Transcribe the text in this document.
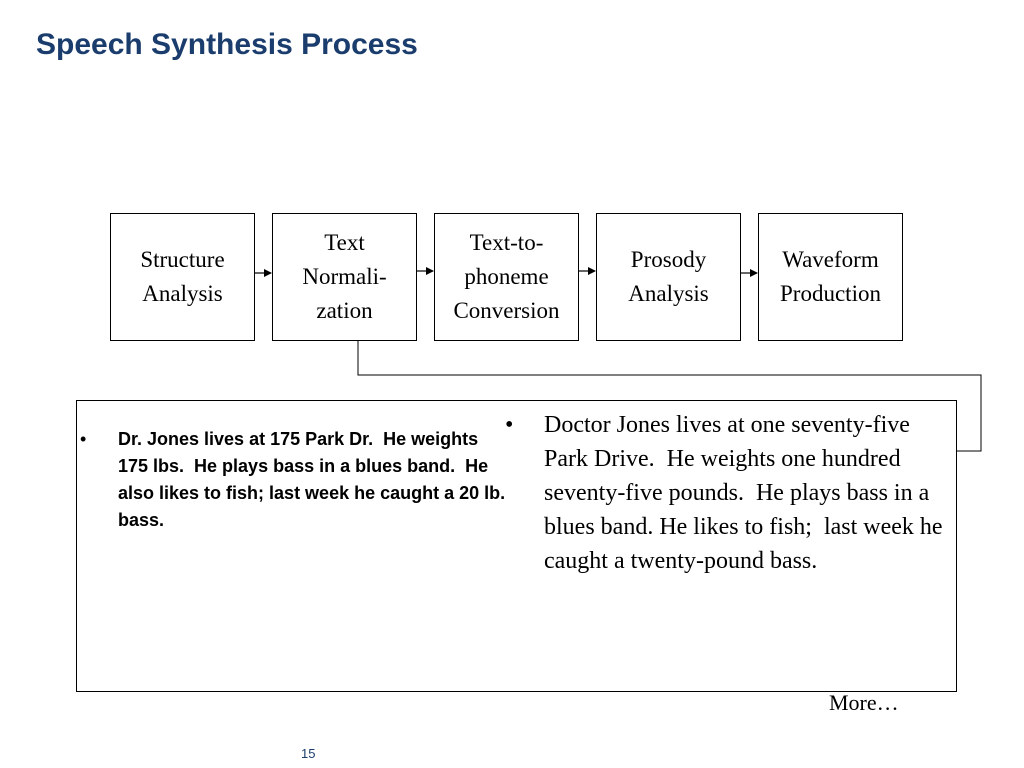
Speech Synthesis Process
Structure
Analysis
Text
Normali-
zation
Text-to-
phoneme
Conversion
Prosody
Analysis
Waveform
Production
• Dr. Jones lives at 175 Park Dr.  He weights 175 lbs.  He plays bass in a blues band.  He also likes to fish; last week he caught a 20 lb. bass.
• Doctor Jones lives at one seventy-five Park Drive.  He weights one hundred seventy-five pounds.  He plays bass in a blues band. He likes to fish;  last week he caught a twenty-pound bass.
More…
15
